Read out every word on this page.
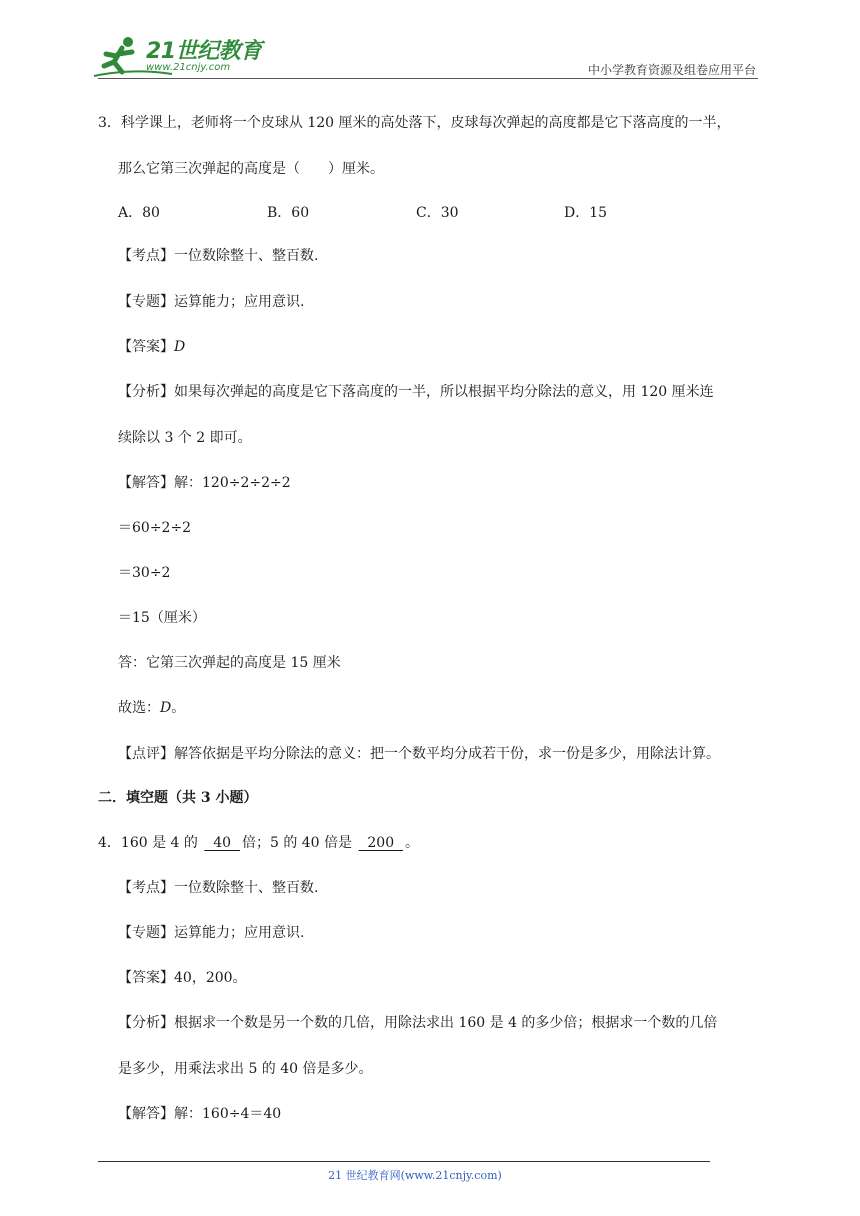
21世纪教育
www.21cnjy.com	中小学教育资源及组卷应用平台
3．科学课上，老师将一个皮球从 120 厘米的高处落下，皮球每次弹起的高度都是它下落高度的一半，
那么它第三次弹起的高度是（　　）厘米。
A．80	B．60	C．30	D．15
【考点】一位数除整十、整百数.
【专题】运算能力；应用意识.
【答案】D
【分析】如果每次弹起的高度是它下落高度的一半，所以根据平均分除法的意义，用 120 厘米连
续除以 3 个 2 即可。
【解答】解：120÷2÷2÷2
＝60÷2÷2
＝30÷2
＝15（厘米）
答：它第三次弹起的高度是 15 厘米
故选：D。
【点评】解答依据是平均分除法的意义：把一个数平均分成若干份，求一份是多少，用除法计算。
二．填空题（共 3 小题）
4．160 是 4 的   40  倍；5 的 40 倍是   200  。
【考点】一位数除整十、整百数.
【专题】运算能力；应用意识.
【答案】40，200。
【分析】根据求一个数是另一个数的几倍，用除法求出 160 是 4 的多少倍；根据求一个数的几倍
是多少，用乘法求出 5 的 40 倍是多少。
【解答】解：160÷4＝40
21 世纪教育网(www.21cnjy.com)
